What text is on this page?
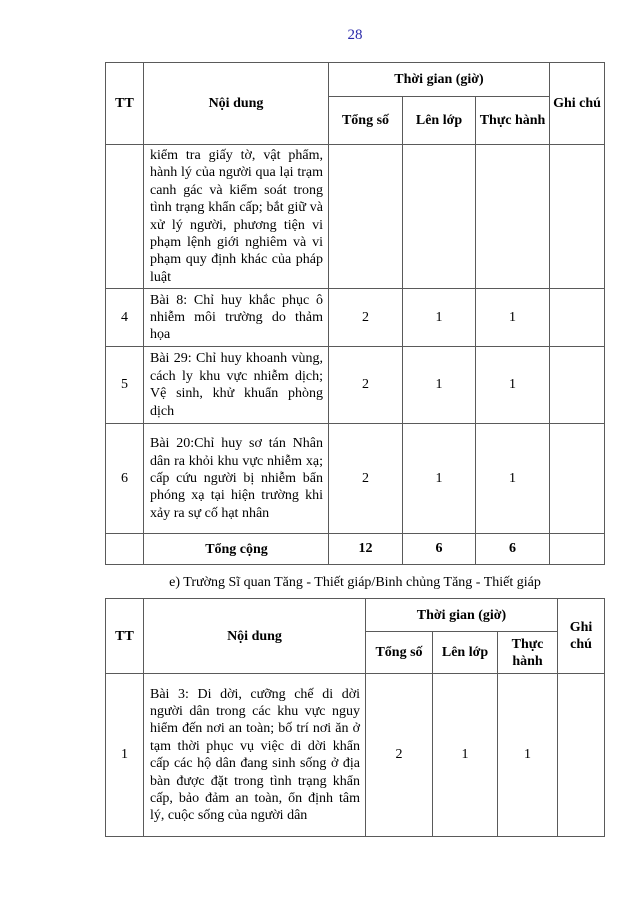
28
TT	Nội dung	Thời gian (giờ)			Ghi chú
		Tổng số	Lên lớp	Thực hành	
	kiểm tra giấy tờ, vật phẩm, hành lý của người qua lại trạm canh gác và kiểm soát trong tình trạng khẩn cấp; bắt giữ và xử lý người, phương tiện vi phạm lệnh giới nghiêm và vi phạm quy định khác của pháp luật				
4	Bài 8: Chỉ huy khắc phục ô nhiễm môi trường do thảm họa	2	1	1	
5	Bài 29: Chỉ huy khoanh vùng, cách ly khu vực nhiễm dịch; Vệ sinh, khử khuẩn phòng dịch	2	1	1	
6	Bài 20:Chỉ huy sơ tán Nhân dân ra khỏi khu vực nhiễm xạ; cấp cứu người bị nhiễm bẩn phóng xạ tại hiện trường khi xảy ra sự cố hạt nhân	2	1	1	
	Tổng cộng	12	6	6	
e) Trường Sĩ quan Tăng - Thiết giáp/Binh chủng Tăng - Thiết giáp
TT	Nội dung	Thời gian (giờ)			Ghi chú
		Tổng số	Lên lớp	Thực hành	
1	Bài 3: Di dời, cưỡng chế di dời người dân trong các khu vực nguy hiểm đến nơi an toàn; bố trí nơi ăn ở tạm thời phục vụ việc di dời khẩn cấp các hộ dân đang sinh sống ở địa bàn được đặt trong tình trạng khẩn cấp, bảo đảm an toàn, ổn định tâm lý, cuộc sống của người dân	2	1	1	
